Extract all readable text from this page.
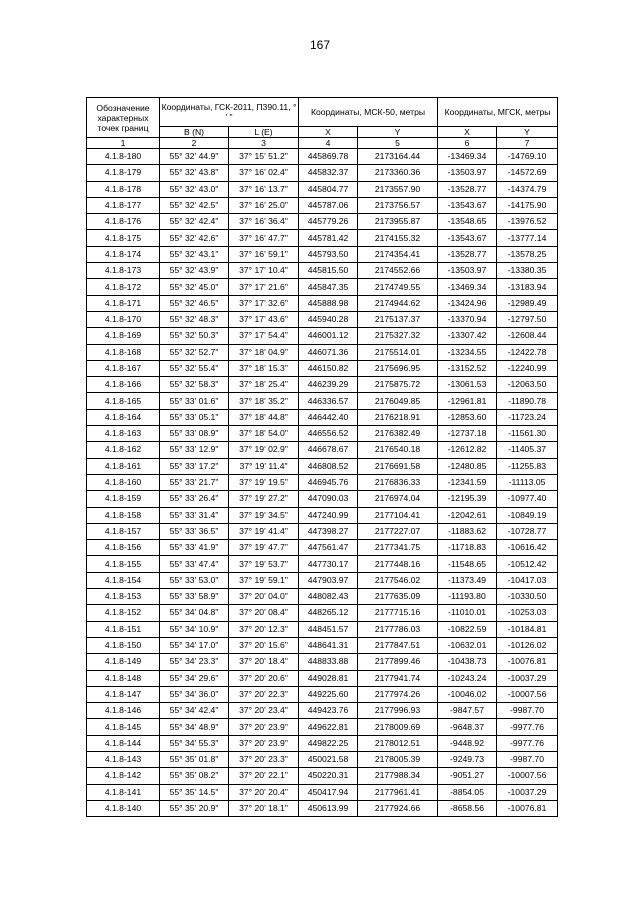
167
Обозначение характерных точек границ	Координаты, ГСК-2011, П390.11, ° ' "		Координаты, МСК-50, метры		Координаты, МГСК, метры	
	B (N)	L (E)	X	Y	X	Y
1	2	3	4	5	6	7
4.1.8-180	55° 32' 44.9"	37° 15' 51.2"	445869.78	2173164.44	-13469.34	-14769.10
4.1.8-179	55° 32' 43.8"	37° 16' 02.4"	445832.37	2173360.36	-13503.97	-14572.69
4.1.8-178	55° 32' 43.0"	37° 16' 13.7"	445804.77	2173557.90	-13528.77	-14374.79
4.1.8-177	55° 32' 42.5"	37° 16' 25.0"	445787.06	2173756.57	-13543.67	-14175.90
4.1.8-176	55° 32' 42.4"	37° 16' 36.4"	445779.26	2173955.87	-13548.65	-13976.52
4.1.8-175	55° 32' 42.6"	37° 16' 47.7"	445781.42	2174155.32	-13543.67	-13777.14
4.1.8-174	55° 32' 43.1"	37° 16' 59.1"	445793.50	2174354.41	-13528.77	-13578.25
4.1.8-173	55° 32' 43.9"	37° 17' 10.4"	445815.50	2174552.66	-13503.97	-13380.35
4.1.8-172	55° 32' 45.0"	37° 17' 21.6"	445847.35	2174749.55	-13469.34	-13183.94
4.1.8-171	55° 32' 46.5"	37° 17' 32.6"	445888.98	2174944.62	-13424.96	-12989.49
4.1.8-170	55° 32' 48.3"	37° 17' 43.6"	445940.28	2175137.37	-13370.94	-12797.50
4.1.8-169	55° 32' 50.3"	37° 17' 54.4"	446001.12	2175327.32	-13307.42	-12608.44
4.1.8-168	55° 32' 52.7"	37° 18' 04.9"	446071.36	2175514.01	-13234.55	-12422.78
4.1.8-167	55° 32' 55.4"	37° 18' 15.3"	446150.82	2175696.95	-13152.52	-12240.99
4.1.8-166	55° 32' 58.3"	37° 18' 25.4"	446239.29	2175875.72	-13061.53	-12063.50
4.1.8-165	55° 33' 01.6"	37° 18' 35.2"	446336.57	2176049.85	-12961.81	-11890.78
4.1.8-164	55° 33' 05.1"	37° 18' 44.8"	446442.40	2176218.91	-12853.60	-11723.24
4.1.8-163	55° 33' 08.9"	37° 18' 54.0"	446556.52	2176382.49	-12737.18	-11561.30
4.1.8-162	55° 33' 12.9"	37° 19' 02.9"	446678.67	2176540.18	-12612.82	-11405.37
4.1.8-161	55° 33' 17.2"	37° 19' 11.4"	446808.52	2176691.58	-12480.85	-11255.83
4.1.8-160	55° 33' 21.7"	37° 19' 19.5"	446945.76	2176836.33	-12341.59	-11113.05
4.1.8-159	55° 33' 26.4"	37° 19' 27.2"	447090.03	2176974.04	-12195.39	-10977.40
4.1.8-158	55° 33' 31.4"	37° 19' 34.5"	447240.99	2177104.41	-12042.61	-10849.19
4.1.8-157	55° 33' 36.5"	37° 19' 41.4"	447398.27	2177227.07	-11883.62	-10728.77
4.1.8-156	55° 33' 41.9"	37° 19' 47.7"	447561.47	2177341.75	-11718.83	-10616.42
4.1.8-155	55° 33' 47.4"	37° 19' 53.7"	447730.17	2177448.16	-11548.65	-10512.42
4.1.8-154	55° 33' 53.0"	37° 19' 59.1"	447903.97	2177546.02	-11373.49	-10417.03
4.1.8-153	55° 33' 58.9"	37° 20' 04.0"	448082.43	2177635.09	-11193.80	-10330.50
4.1.8-152	55° 34' 04.8"	37° 20' 08.4"	448265.12	2177715.16	-11010.01	-10253.03
4.1.8-151	55° 34' 10.9"	37° 20' 12.3"	448451.57	2177786.03	-10822.59	-10184.81
4.1.8-150	55° 34' 17.0"	37° 20' 15.6"	448641.31	2177847.51	-10632.01	-10126.02
4.1.8-149	55° 34' 23.3"	37° 20' 18.4"	448833.88	2177899.46	-10438.73	-10076.81
4.1.8-148	55° 34' 29.6"	37° 20' 20.6"	449028.81	2177941.74	-10243.24	-10037.29
4.1.8-147	55° 34' 36.0"	37° 20' 22.3"	449225.60	2177974.26	-10046.02	-10007.56
4.1.8-146	55° 34' 42.4"	37° 20' 23.4"	449423.76	2177996.93	-9847.57	-9987.70
4.1.8-145	55° 34' 48.9"	37° 20' 23.9"	449622.81	2178009.69	-9648.37	-9977.76
4.1.8-144	55° 34' 55.3"	37° 20' 23.9"	449822.25	2178012.51	-9448.92	-9977.76
4.1.8-143	55° 35' 01.8"	37° 20' 23.3"	450021.58	2178005.39	-9249.73	-9987.70
4.1.8-142	55° 35' 08.2"	37° 20' 22.1"	450220.31	2177988.34	-9051.27	-10007.56
4.1.8-141	55° 35' 14.5"	37° 20' 20.4"	450417.94	2177961.41	-8854.05	-10037.29
4.1.8-140	55° 35' 20.9"	37° 20' 18.1"	450613.99	2177924.66	-8658.56	-10076.81
